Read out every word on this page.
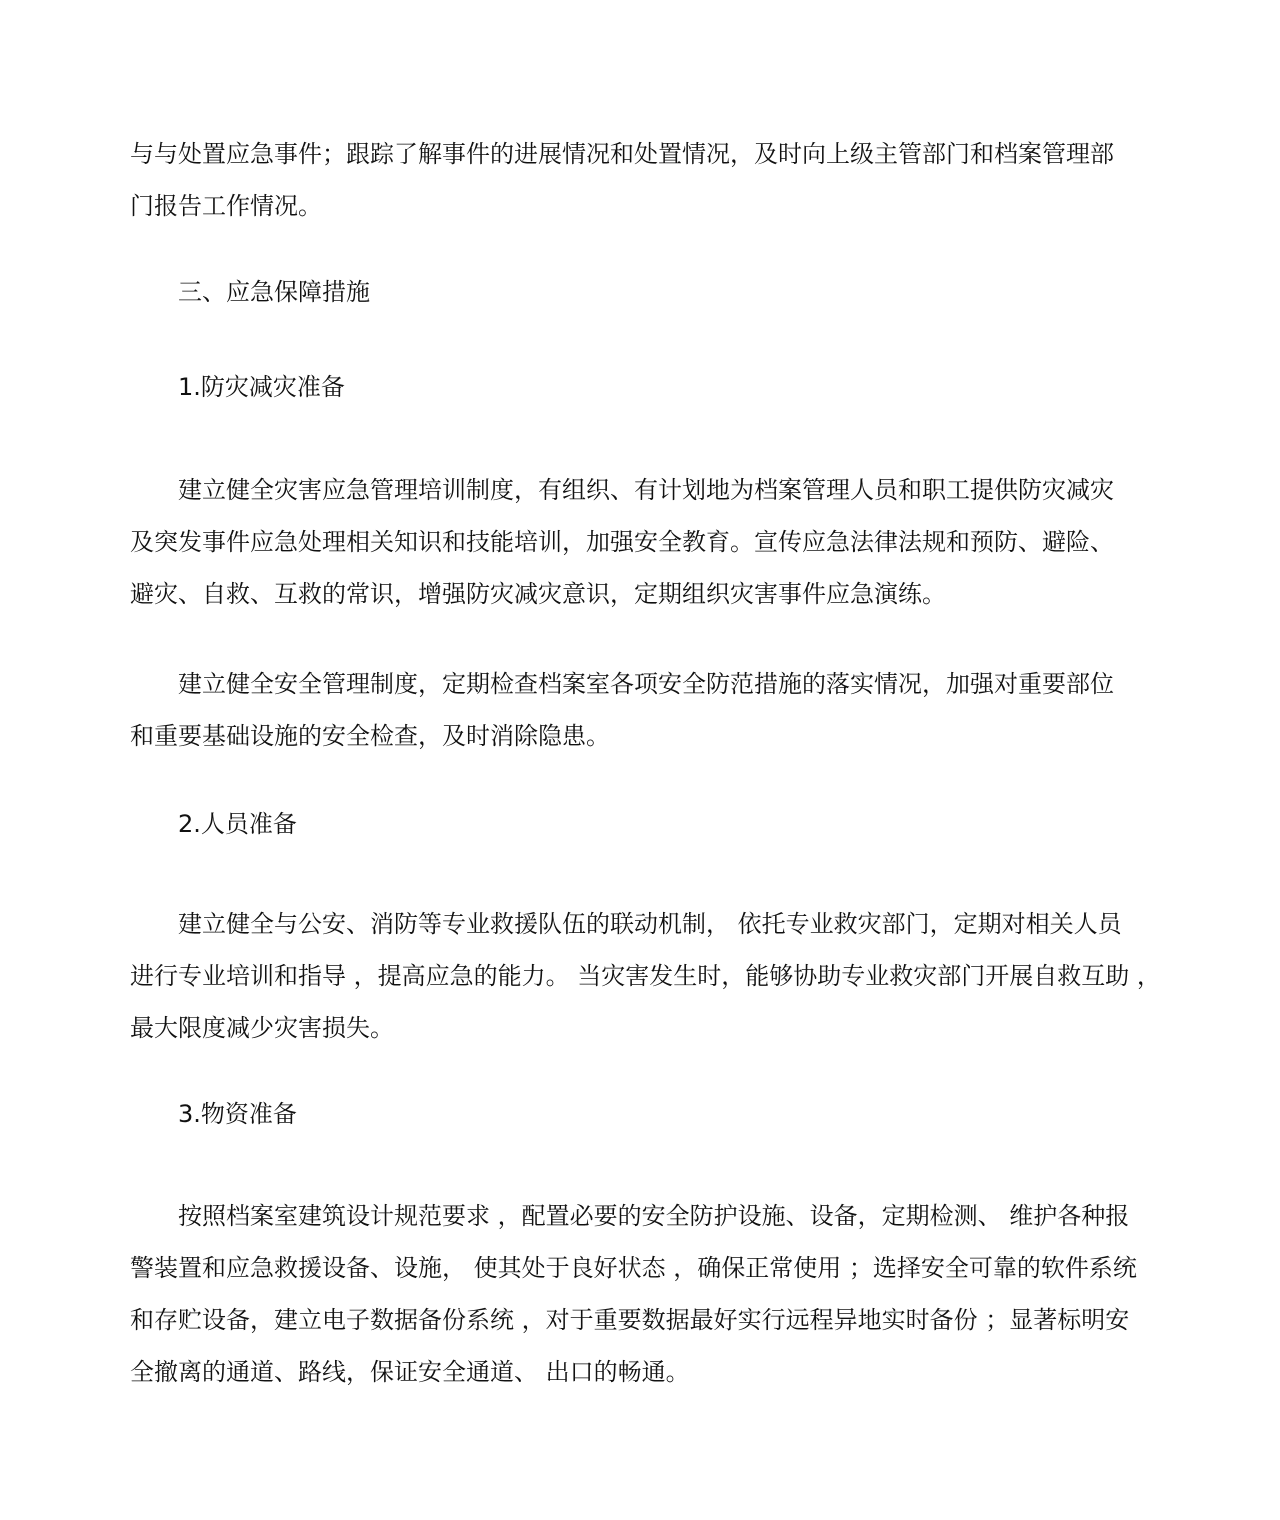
与与处置应急事件；跟踪了解事件的进展情况和处置情况，及时向上级主管部门和档案管理部
门报告工作情况。
三、应急保障措施
1.防灾减灾准备
建立健全灾害应急管理培训制度，有组织、有计划地为档案管理人员和职工提供防灾减灾
及突发事件应急处理相关知识和技能培训，加强安全教育。宣传应急法律法规和预防、避险、
避灾、自救、互救的常识，增强防灾减灾意识，定期组织灾害事件应急演练。
建立健全安全管理制度，定期检查档案室各项安全防范措施的落实情况，加强对重要部位
和重要基础设施的安全检查，及时消除隐患。
2.人员准备
建立健全与公安、消防等专业救援队伍的联动机制， 依托专业救灾部门，定期对相关人员
进行专业培训和指导 ，提高应急的能力。 当灾害发生时，能够协助专业救灾部门开展自救互助 ，
最大限度减少灾害损失。
3.物资准备
按照档案室建筑设计规范要求 ，配置必要的安全防护设施、设备，定期检测、 维护各种报
警装置和应急救援设备、设施， 使其处于良好状态 ，确保正常使用 ；选择安全可靠的软件系统
和存贮设备，建立电子数据备份系统 ，对于重要数据最好实行远程异地实时备份 ；显著标明安
全撤离的通道、路线，保证安全通道、 出口的畅通。
